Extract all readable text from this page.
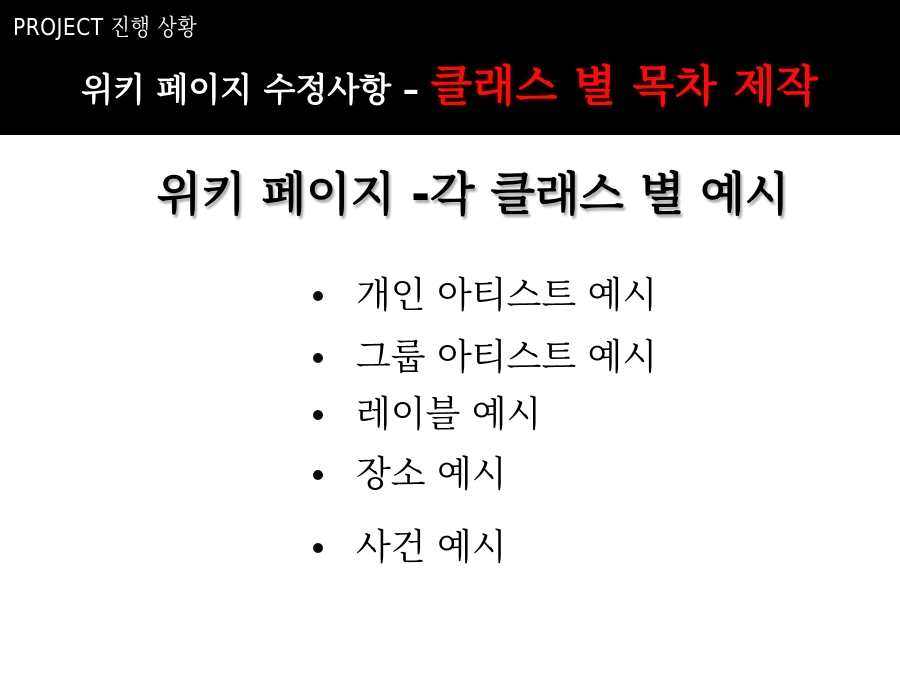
PROJECT 진행 상황
위키 페이지 수정사항 – 클래스 별 목차 제작
위키 페이지 -각 클래스 별 예시
개인 아티스트 예시
그룹 아티스트 예시
레이블 예시
장소 예시
사건 예시
